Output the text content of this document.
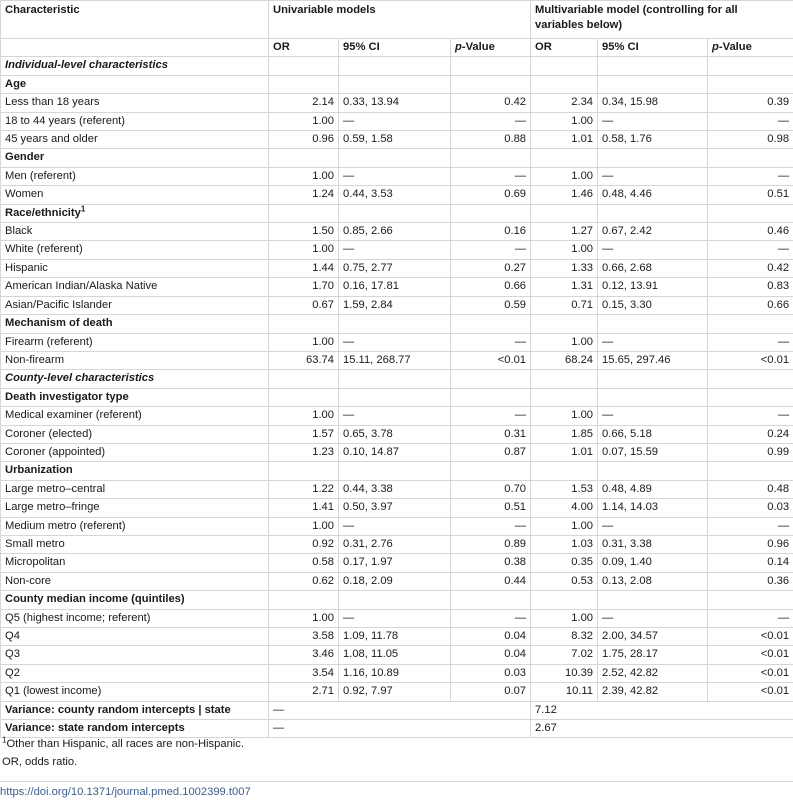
Characteristic	Univariable models			Multivariable model (controlling for all variables below)		
	OR	95% CI	p-Value	OR	95% CI	p-Value
Individual-level characteristics						
Age						
Less than 18 years	2.14	0.33, 13.94	0.42	2.34	0.34, 15.98	0.39
18 to 44 years (referent)	1.00	—	—	1.00	—	—
45 years and older	0.96	0.59, 1.58	0.88	1.01	0.58, 1.76	0.98
Gender						
Men (referent)	1.00	—	—	1.00	—	—
Women	1.24	0.44, 3.53	0.69	1.46	0.48, 4.46	0.51
Race/ethnicity$^1$						
Black	1.50	0.85, 2.66	0.16	1.27	0.67, 2.42	0.46
White (referent)	1.00	—	—	1.00	—	—
Hispanic	1.44	0.75, 2.77	0.27	1.33	0.66, 2.68	0.42
American Indian/Alaska Native	1.70	0.16, 17.81	0.66	1.31	0.12, 13.91	0.83
Asian/Pacific Islander	0.67	1.59, 2.84	0.59	0.71	0.15, 3.30	0.66
Mechanism of death						
Firearm (referent)	1.00	—	—	1.00	—	—
Non-firearm	63.74	15.11, 268.77	<0.01	68.24	15.65, 297.46	<0.01
County-level characteristics						
Death investigator type						
Medical examiner (referent)	1.00	—	—	1.00	—	—
Coroner (elected)	1.57	0.65, 3.78	0.31	1.85	0.66, 5.18	0.24
Coroner (appointed)	1.23	0.10, 14.87	0.87	1.01	0.07, 15.59	0.99
Urbanization						
Large metro–central	1.22	0.44, 3.38	0.70	1.53	0.48, 4.89	0.48
Large metro–fringe	1.41	0.50, 3.97	0.51	4.00	1.14, 14.03	0.03
Medium metro (referent)	1.00	—	—	1.00	—	—
Small metro	0.92	0.31, 2.76	0.89	1.03	0.31, 3.38	0.96
Micropolitan	0.58	0.17, 1.97	0.38	0.35	0.09, 1.40	0.14
Non-core	0.62	0.18, 2.09	0.44	0.53	0.13, 2.08	0.36
County median income (quintiles)						
Q5 (highest income; referent)	1.00	—	—	1.00	—	—
Q4	3.58	1.09, 11.78	0.04	8.32	2.00, 34.57	<0.01
Q3	3.46	1.08, 11.05	0.04	7.02	1.75, 28.17	<0.01
Q2	3.54	1.16, 10.89	0.03	10.39	2.52, 42.82	<0.01
Q1 (lowest income)	2.71	0.92, 7.97	0.07	10.11	2.39, 42.82	<0.01
Variance: county random intercepts | state	—			7.12		
Variance: state random intercepts	—			2.67		
$^1$Other than Hispanic, all races are non-Hispanic.
OR, odds ratio.
https://doi.org/10.1371/journal.pmed.1002399.t007
